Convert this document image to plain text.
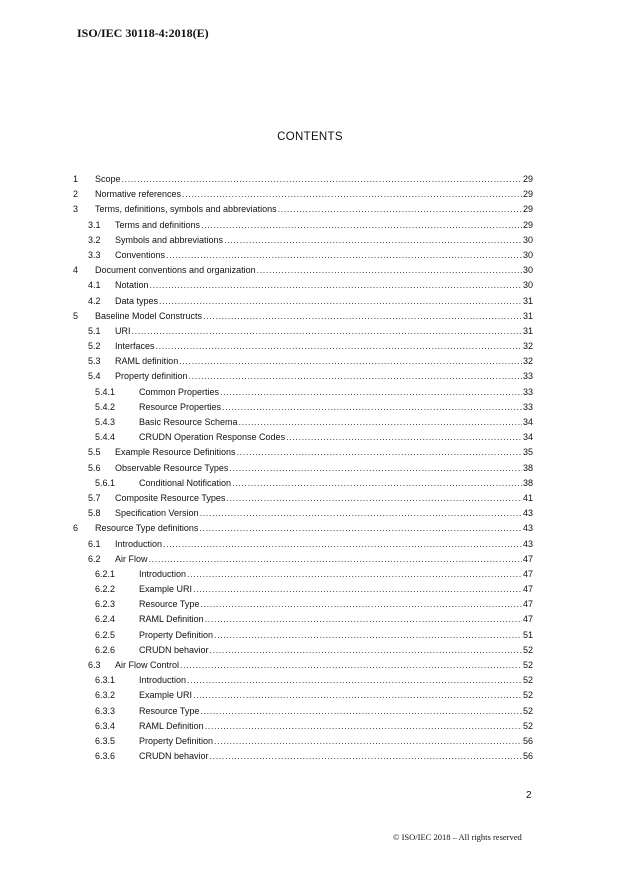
ISO/IEC 30118-4:2018(E)
CONTENTS
1	Scope .....	29
2	Normative references .....	29
3	Terms, definitions, symbols and abbreviations .....	29
3.1	Terms and definitions .....	29
3.2	Symbols and abbreviations .....	30
3.3	Conventions .....	30
4	Document conventions and organization .....	30
4.1	Notation .....	30
4.2	Data types .....	31
5	Baseline Model Constructs .....	31
5.1	URI .....	31
5.2	Interfaces .....	32
5.3	RAML definition .....	32
5.4	Property definition .....	33
5.4.1	Common Properties .....	33
5.4.2	Resource Properties .....	33
5.4.3	Basic Resource Schema .....	34
5.4.4	CRUDN Operation Response Codes .....	34
5.5	Example Resource Definitions .....	35
5.6	Observable Resource Types .....	38
5.6.1	Conditional Notification .....	38
5.7	Composite Resource Types .....	41
5.8	Specification Version .....	43
6	Resource Type definitions .....	43
6.1	Introduction .....	43
6.2	Air Flow .....	47
6.2.1	Introduction .....	47
6.2.2	Example URI .....	47
6.2.3	Resource Type .....	47
6.2.4	RAML Definition .....	47
6.2.5	Property Definition .....	51
6.2.6	CRUDN behavior .....	52
6.3	Air Flow Control .....	52
6.3.1	Introduction .....	52
6.3.2	Example URI .....	52
6.3.3	Resource Type .....	52
6.3.4	RAML Definition .....	52
6.3.5	Property Definition .....	56
6.3.6	CRUDN behavior .....	56
2
© ISO/IEC 2018 – All rights reserved
